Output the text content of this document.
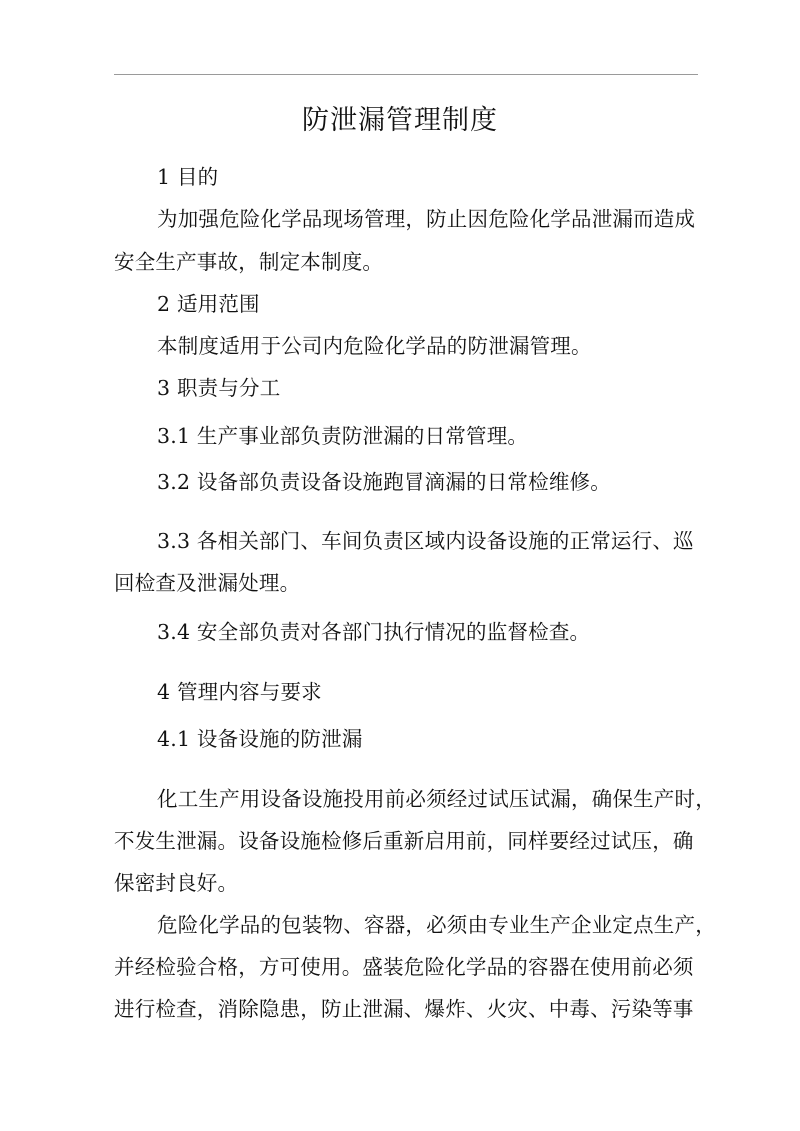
防泄漏管理制度
1 目的
为加强危险化学品现场管理，防止因危险化学品泄漏而造成
安全生产事故，制定本制度。
2 适用范围
本制度适用于公司内危险化学品的防泄漏管理。
3 职责与分工
3.1 生产事业部负责防泄漏的日常管理。
3.2 设备部负责设备设施跑冒滴漏的日常检维修。
3.3 各相关部门、车间负责区域内设备设施的正常运行、巡
回检查及泄漏处理。
3.4 安全部负责对各部门执行情况的监督检查。
4 管理内容与要求
4.1 设备设施的防泄漏
化工生产用设备设施投用前必须经过试压试漏，确保生产时，
不发生泄漏。设备设施检修后重新启用前，同样要经过试压，确
保密封良好。
危险化学品的包装物、容器，必须由专业生产企业定点生产，
并经检验合格，方可使用。盛装危险化学品的容器在使用前必须
进行检查，消除隐患，防止泄漏、爆炸、火灾、中毒、污染等事
